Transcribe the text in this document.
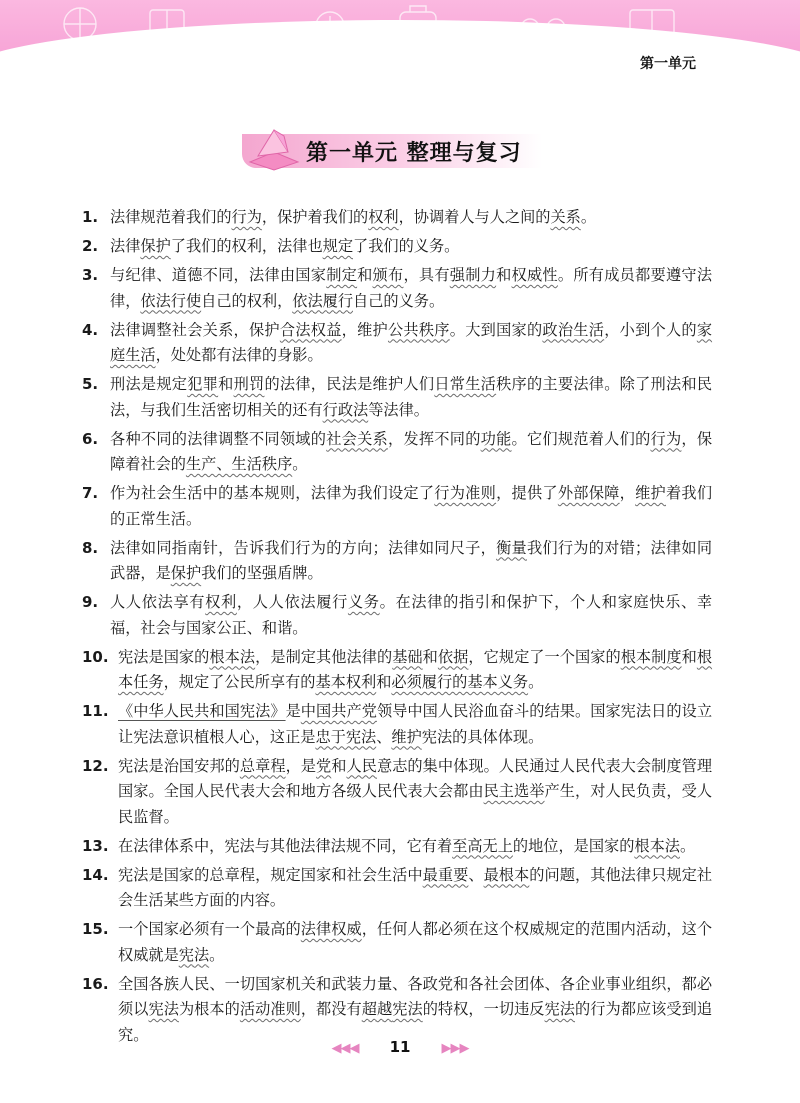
第一单元
第一单元 整理与复习
1. 法律规范着我们的行为，保护着我们的权利，协调着人与人之间的关系。
2. 法律保护了我们的权利，法律也规定了我们的义务。
3. 与纪律、道德不同，法律由国家制定和颁布，具有强制力和权威性。所有成员都要遵守法律，依法行使自己的权利，依法履行自己的义务。
4. 法律调整社会关系，保护合法权益，维护公共秩序。大到国家的政治生活，小到个人的家庭生活，处处都有法律的身影。
5. 刑法是规定犯罪和刑罚的法律，民法是维护人们日常生活秩序的主要法律。除了刑法和民法，与我们生活密切相关的还有行政法等法律。
6. 各种不同的法律调整不同领域的社会关系，发挥不同的功能。它们规范着人们的行为，保障着社会的生产、生活秩序。
7. 作为社会生活中的基本规则，法律为我们设定了行为准则，提供了外部保障，维护着我们的正常生活。
8. 法律如同指南针，告诉我们行为的方向；法律如同尺子，衡量我们行为的对错；法律如同武器，是保护我们的坚强盾牌。
9. 人人依法享有权利，人人依法履行义务。在法律的指引和保护下，个人和家庭快乐、幸福，社会与国家公正、和谐。
10. 宪法是国家的根本法，是制定其他法律的基础和依据，它规定了一个国家的根本制度和根本任务，规定了公民所享有的基本权利和必须履行的基本义务。
11. 《中华人民共和国宪法》是中国共产党领导中国人民浴血奋斗的结果。国家宪法日的设立让宪法意识植根人心，这正是忠于宪法、维护宪法的具体体现。
12. 宪法是治国安邦的总章程，是党和人民意志的集中体现。人民通过人民代表大会制度管理国家。全国人民代表大会和地方各级人民代表大会都由民主选举产生，对人民负责，受人民监督。
13. 在法律体系中，宪法与其他法律法规不同，它有着至高无上的地位，是国家的根本法。
14. 宪法是国家的总章程，规定国家和社会生活中最重要、最根本的问题，其他法律只规定社会生活某些方面的内容。
15. 一个国家必须有一个最高的法律权威，任何人都必须在这个权威规定的范围内活动，这个权威就是宪法。
16. 全国各族人民、一切国家机关和武装力量、各政党和各社会团体、各企业事业组织，都必须以宪法为根本的活动准则，都没有超越宪法的特权，一切违反宪法的行为都应该受到追究。
◀◀◀ 11 ▶▶▶
